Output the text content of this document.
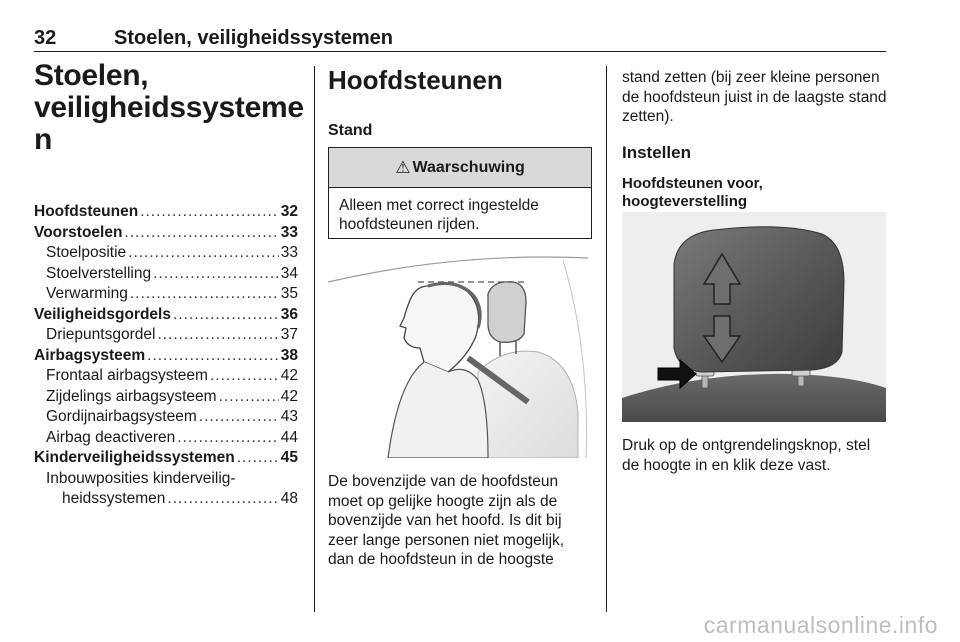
32	Stoelen, veiligheidssystemen
Stoelen,
veiligheidssysteme
n
Hoofdsteunen .....	32
Voorstoelen .....	33
Stoelpositie .....	33
Stoelverstelling .....	34
Verwarming .....	35
Veiligheidsgordels .....	36
Driepuntsgordel .....	37
Airbagsysteem .....	38
Frontaal airbagsysteem .....	42
Zijdelings airbagsysteem .....	42
Gordijnairbagsysteem .....	43
Airbag deactiveren .....	44
Kinderveiligheidssystemen .....	45
Inbouwposities kinderveilig-
heidssystemen .....	48
Hoofdsteunen
Stand
⚠ Waarschuwing
Alleen met correct ingestelde hoofdsteunen rijden.
De bovenzijde van de hoofdsteun moet op gelijke hoogte zijn als de bovenzijde van het hoofd. Is dit bij zeer lange personen niet mogelijk, dan de hoofdsteun in de hoogste
stand zetten (bij zeer kleine personen de hoofdsteun juist in de laagste stand zetten).
Instellen
Hoofdsteunen voor,
hoogteverstelling
Druk op de ontgrendelingsknop, stel de hoogte in en klik deze vast.
carmanualsonline.info
